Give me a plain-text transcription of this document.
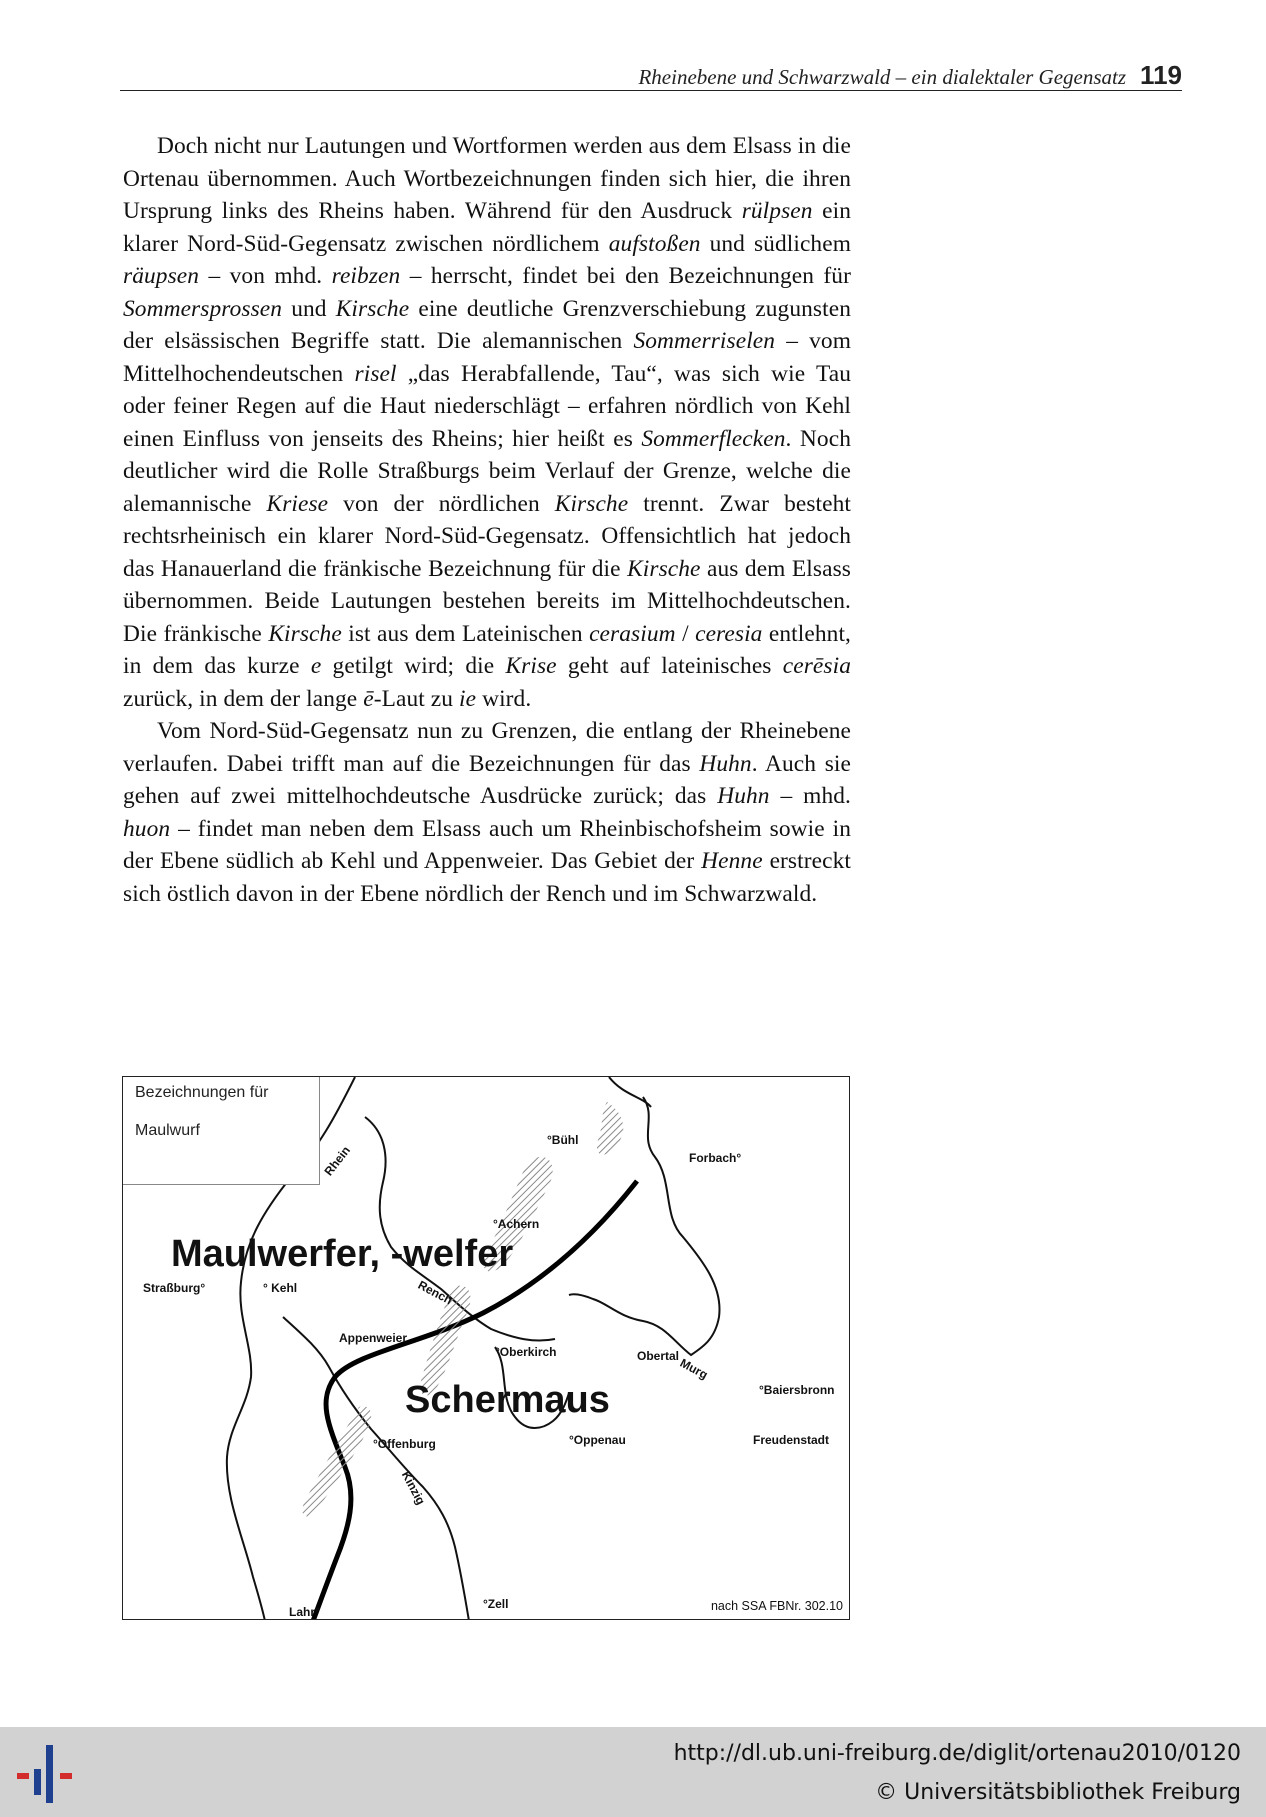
Rheinebene und Schwarzwald – ein dialektaler Gegensatz 119

Doch nicht nur Lautungen und Wortformen werden aus dem Elsass in die Ortenau übernommen. Auch Wortbezeichnungen finden sich hier, die ihren Ursprung links des Rheins haben. Während für den Ausdruck rülpsen ein klarer Nord-Süd-Gegensatz zwischen nördlichem aufstoßen und südlichem räupsen – von mhd. reibzen – herrscht, findet bei den Bezeichnungen für Sommersprossen und Kirsche eine deutliche Grenzverschiebung zugunsten der elsässischen Begriffe statt. Die alemannischen Sommerriselen – vom Mittelhochendeutschen risel „das Herabfallende, Tau“, was sich wie Tau oder feiner Regen auf die Haut niederschlägt – erfahren nördlich von Kehl einen Einfluss von jenseits des Rheins; hier heißt es Sommerflecken. Noch deutlicher wird die Rolle Straßburgs beim Verlauf der Grenze, welche die alemannische Kriese von der nördlichen Kirsche trennt. Zwar besteht rechtsrheinisch ein klarer Nord-Süd-Gegensatz. Offensichtlich hat jedoch das Hanauerland die fränkische Bezeichnung für die Kirsche aus dem Elsass übernommen. Beide Lautungen bestehen bereits im Mittelhochdeutschen. Die fränkische Kirsche ist aus dem Lateinischen cerasium / ceresia entlehnt, in dem das kurze e getilgt wird; die Krise geht auf lateinisches cerēsia zurück, in dem der lange ē-Laut zu ie wird.

Vom Nord-Süd-Gegensatz nun zu Grenzen, die entlang der Rheinebene verlaufen. Dabei trifft man auf die Bezeichnungen für das Huhn. Auch sie gehen auf zwei mittelhochdeutsche Ausdrücke zurück; das Huhn – mhd. huon – findet man neben dem Elsass auch um Rheinbischofsheim sowie in der Ebene südlich ab Kehl und Appenweier. Das Gebiet der Henne erstreckt sich östlich davon in der Ebene nördlich der Rench und im Schwarzwald.

Bezeichnungen für
Maulwurf
Maulwerfer, -welfer
Schermaus
°Bühl
Forbach°
°Achern
Straßburg°	° Kehl
Appenweier
°Oberkirch	Obertal
°Baiersbronn
°Offenburg	°Oppenau	Freudenstadt
Lahr°
°Zell
Rhein
Rench
Murg
Kinzig
nach SSA FBNr. 302.10
http://dl.ub.uni-freiburg.de/diglit/ortenau2010/0120
© Universitätsbibliothek Freiburg
